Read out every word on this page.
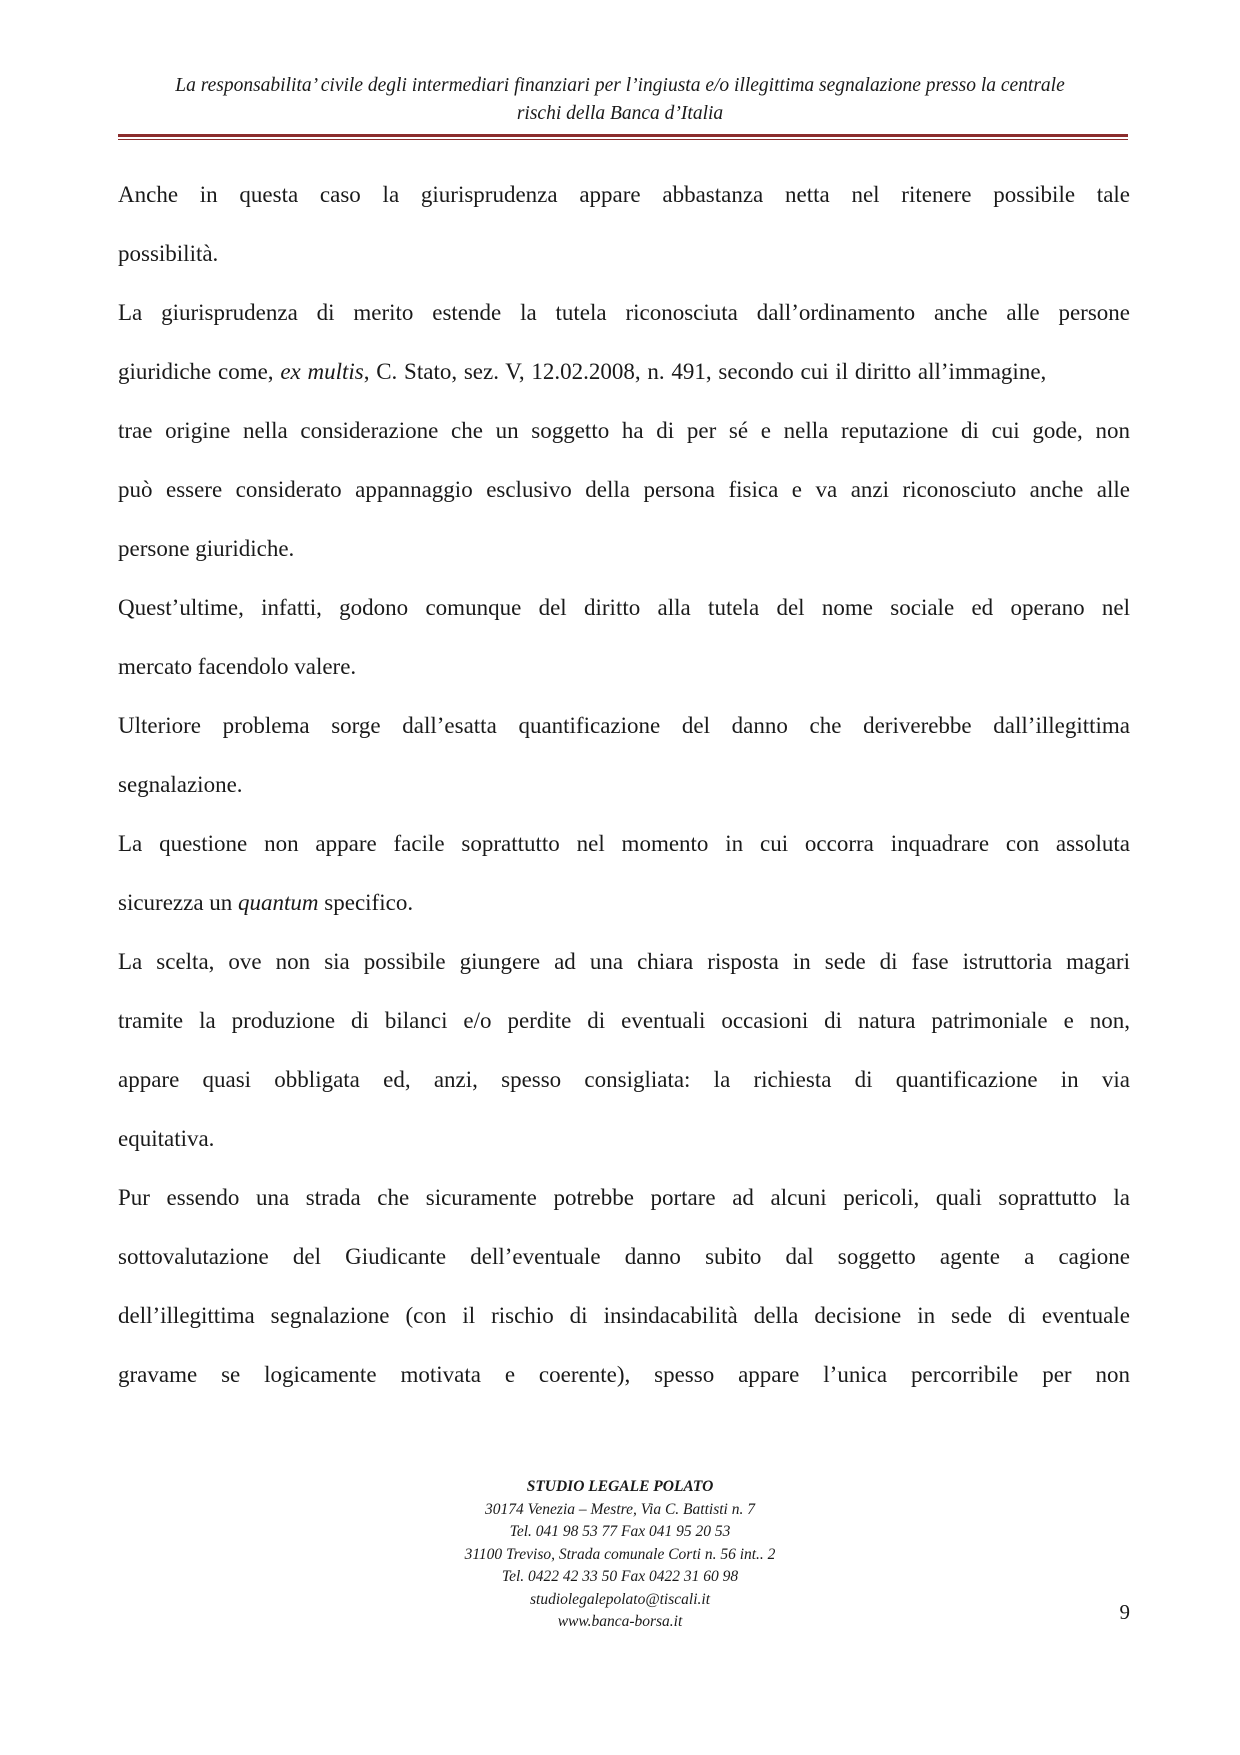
La responsabilita’ civile degli intermediari finanziari per l’ingiusta e/o illegittima segnalazione presso la centrale
rischi della Banca d’Italia
Anche in questa caso la giurisprudenza appare abbastanza netta nel ritenere possibile tale
possibilità.
La giurisprudenza di merito estende la tutela riconosciuta dall’ordinamento anche alle persone
giuridiche come, ex multis, C. Stato, sez. V, 12.02.2008, n. 491, secondo cui il diritto all’immagine,
trae origine nella considerazione che un soggetto ha di per sé e nella reputazione di cui gode, non
può essere considerato appannaggio esclusivo della persona fisica e va anzi riconosciuto anche alle
persone giuridiche.
Quest’ultime, infatti, godono comunque del diritto alla tutela del nome sociale ed operano nel
mercato facendolo valere.
Ulteriore problema sorge dall’esatta quantificazione del danno che deriverebbe dall’illegittima
segnalazione.
La questione non appare facile soprattutto nel momento in cui occorra inquadrare con assoluta
sicurezza un quantum specifico.
La scelta, ove non sia possibile giungere ad una chiara risposta in sede di fase istruttoria magari
tramite la produzione di bilanci e/o perdite di eventuali occasioni di natura patrimoniale e non,
appare quasi obbligata ed, anzi, spesso consigliata: la richiesta di quantificazione in via
equitativa.
Pur essendo una strada che sicuramente potrebbe portare ad alcuni pericoli, quali soprattutto la
sottovalutazione del Giudicante dell’eventuale danno subito dal soggetto agente a cagione
dell’illegittima segnalazione (con il rischio di insindacabilità della decisione in sede di eventuale
gravame se logicamente motivata e coerente), spesso appare l’unica percorribile per non
STUDIO LEGALE POLATO
30174 Venezia – Mestre, Via C. Battisti n. 7
Tel. 041 98 53 77 Fax 041 95 20 53
31100 Treviso, Strada comunale Corti n. 56 int.. 2
Tel. 0422 42 33 50 Fax 0422 31 60 98
studiolegalepolato@tiscali.it
www.banca-borsa.it	9
